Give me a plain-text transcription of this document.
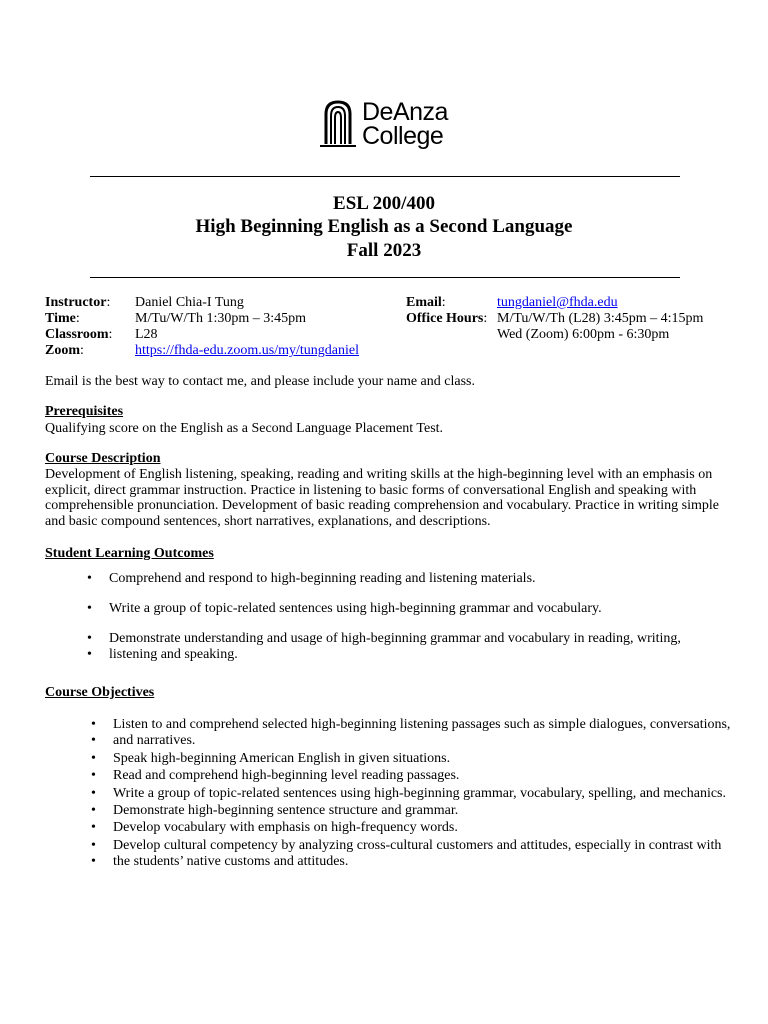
DeAnza
College
ESL 200/400
High Beginning English as a Second Language
Fall 2023
Instructor:	Daniel Chia-I Tung
Time:	M/Tu/W/Th 1:30pm – 3:45pm
Classroom:	L28
Zoom:	https://fhda-edu.zoom.us/my/tungdaniel
Email:	tungdaniel@fhda.edu
Office Hours: M/Tu/W/Th (L28) 3:45pm – 4:15pm
Wed (Zoom) 6:00pm - 6:30pm
Email is the best way to contact me, and please include your name and class.
Prerequisites
Qualifying score on the English as a Second Language Placement Test.
Course Description
Development of English listening, speaking, reading and writing skills at the high-beginning level with an emphasis on
explicit, direct grammar instruction. Practice in listening to basic forms of conversational English and speaking with
comprehensible pronunciation. Development of basic reading comprehension and vocabulary. Practice in writing simple
and basic compound sentences, short narratives, explanations, and descriptions.
Student Learning Outcomes
• Comprehend and respond to high-beginning reading and listening materials.
• Write a group of topic-related sentences using high-beginning grammar and vocabulary.
• Demonstrate understanding and usage of high-beginning grammar and vocabulary in reading, writing,
• listening and speaking.
Course Objectives
• Listen to and comprehend selected high-beginning listening passages such as simple dialogues, conversations,
• and narratives.
• Speak high-beginning American English in given situations.
• Read and comprehend high-beginning level reading passages.
• Write a group of topic-related sentences using high-beginning grammar, vocabulary, spelling, and mechanics.
• Demonstrate high-beginning sentence structure and grammar.
• Develop vocabulary with emphasis on high-frequency words.
• Develop cultural competency by analyzing cross-cultural customers and attitudes, especially in contrast with
• the students’ native customs and attitudes.
